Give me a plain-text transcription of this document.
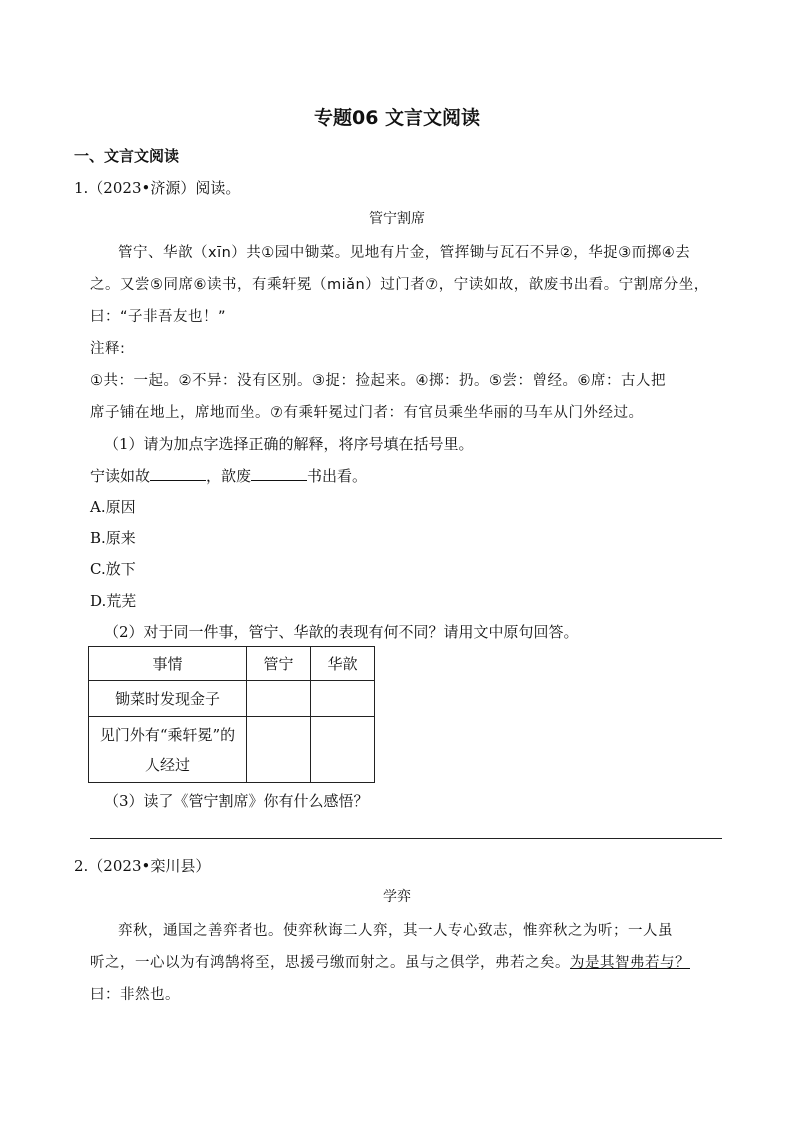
专题06 文言文阅读
一、文言文阅读
1.（2023•济源）阅读。
管宁割席
管宁、华歆（xīn）共①园中锄菜。见地有片金，管挥锄与瓦石不异②，华捉③而掷④去
之。又尝⑤同席⑥读书，有乘轩冕（miǎn）过门者⑦，宁读如故，歆废书出看。宁割席分坐，
曰：“子非吾友也！”
注释:
①共：一起。②不异：没有区别。③捉：捡起来。④掷：扔。⑤尝：曾经。⑥席：古人把
席子铺在地上，席地而坐。⑦有乘轩冕过门者：有官员乘坐华丽的马车从门外经过。
（1）请为加点字选择正确的解释，将序号填在括号里。
宁读如故	，歆废	书出看。
A.原因
B.原来
C.放下
D.荒芜
（2）对于同一件事，管宁、华歆的表现有何不同？请用文中原句回答。
事情	管宁	华歆
锄菜时发现金子		

见门外有“乘轩冕”的
人经过		

（3）读了《管宁割席》你有什么感悟？
2.（2023•栾川县）
学弈
弈秋，通国之善弈者也。使弈秋诲二人弈，其一人专心致志，惟弈秋之为听；一人虽
听之，一心以为有鸿鹄将至，思援弓缴而射之。虽与之俱学，弗若之矣。为是其智弗若与？
曰：非然也。
